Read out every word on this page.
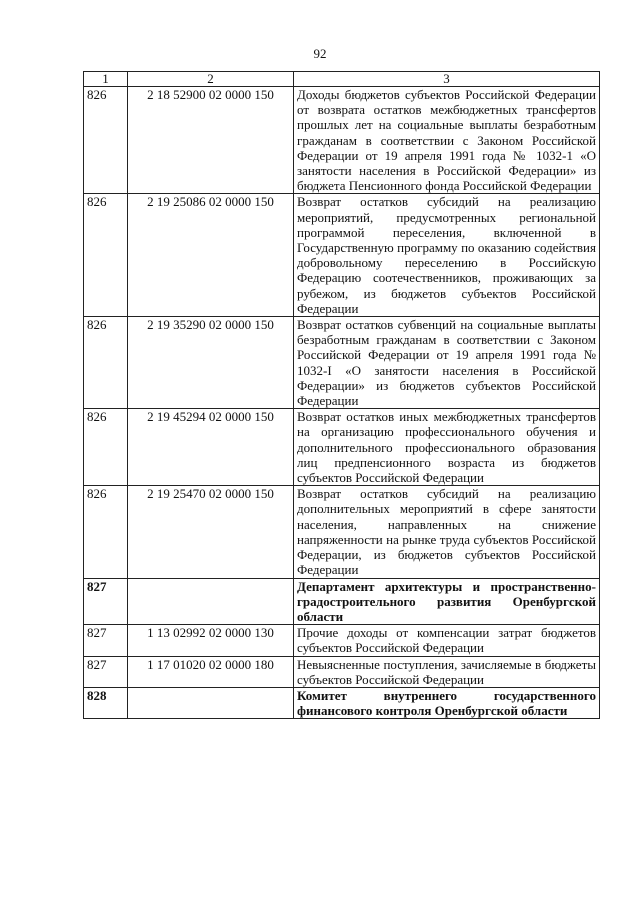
92
1	2	3
826	2 18 52900 02 0000 150	Доходы бюджетов субъектов Российской Федерации от возврата остатков межбюджетных трансфертов прошлых лет на социальные выплаты безработным гражданам в соответствии с Законом Российской Федерации от 19 апреля 1991 года № 1032-1 «О занятости населения в Российской Федерации» из бюджета Пенсионного фонда Российской Федерации
826	2 19 25086 02 0000 150	Возврат остатков субсидий на реализацию мероприятий, предусмотренных региональной программой переселения, включенной в Государственную программу по оказанию содействия добровольному переселению в Российскую Федерацию соотечественников, проживающих за рубежом, из бюджетов субъектов Российской Федерации
826	2 19 35290 02 0000 150	Возврат остатков субвенций на социальные выплаты безработным гражданам в соответствии с Законом Российской Федерации от 19 апреля 1991 года № 1032-I «О занятости населения в Российской Федерации» из бюджетов субъектов Российской Федерации
826	2 19 45294 02 0000 150	Возврат остатков иных межбюджетных трансфертов на организацию профессионального обучения и дополнительного профессионального образования лиц предпенсионного возраста из бюджетов субъектов Российской Федерации
826	2 19 25470 02 0000 150	Возврат остатков субсидий на реализацию дополнительных мероприятий в сфере занятости населения, направленных на снижение напряженности на рынке труда субъектов Российской Федерации, из бюджетов субъектов Российской Федерации
827		Департамент архитектуры и пространственно-градостроительного развития Оренбургской области
827	1 13 02992 02 0000 130	Прочие доходы от компенсации затрат бюджетов субъектов Российской Федерации
827	1 17 01020 02 0000 180	Невыясненные поступления, зачисляемые в бюджеты субъектов Российской Федерации
828		Комитет внутреннего государственного финансового контроля Оренбургской области
